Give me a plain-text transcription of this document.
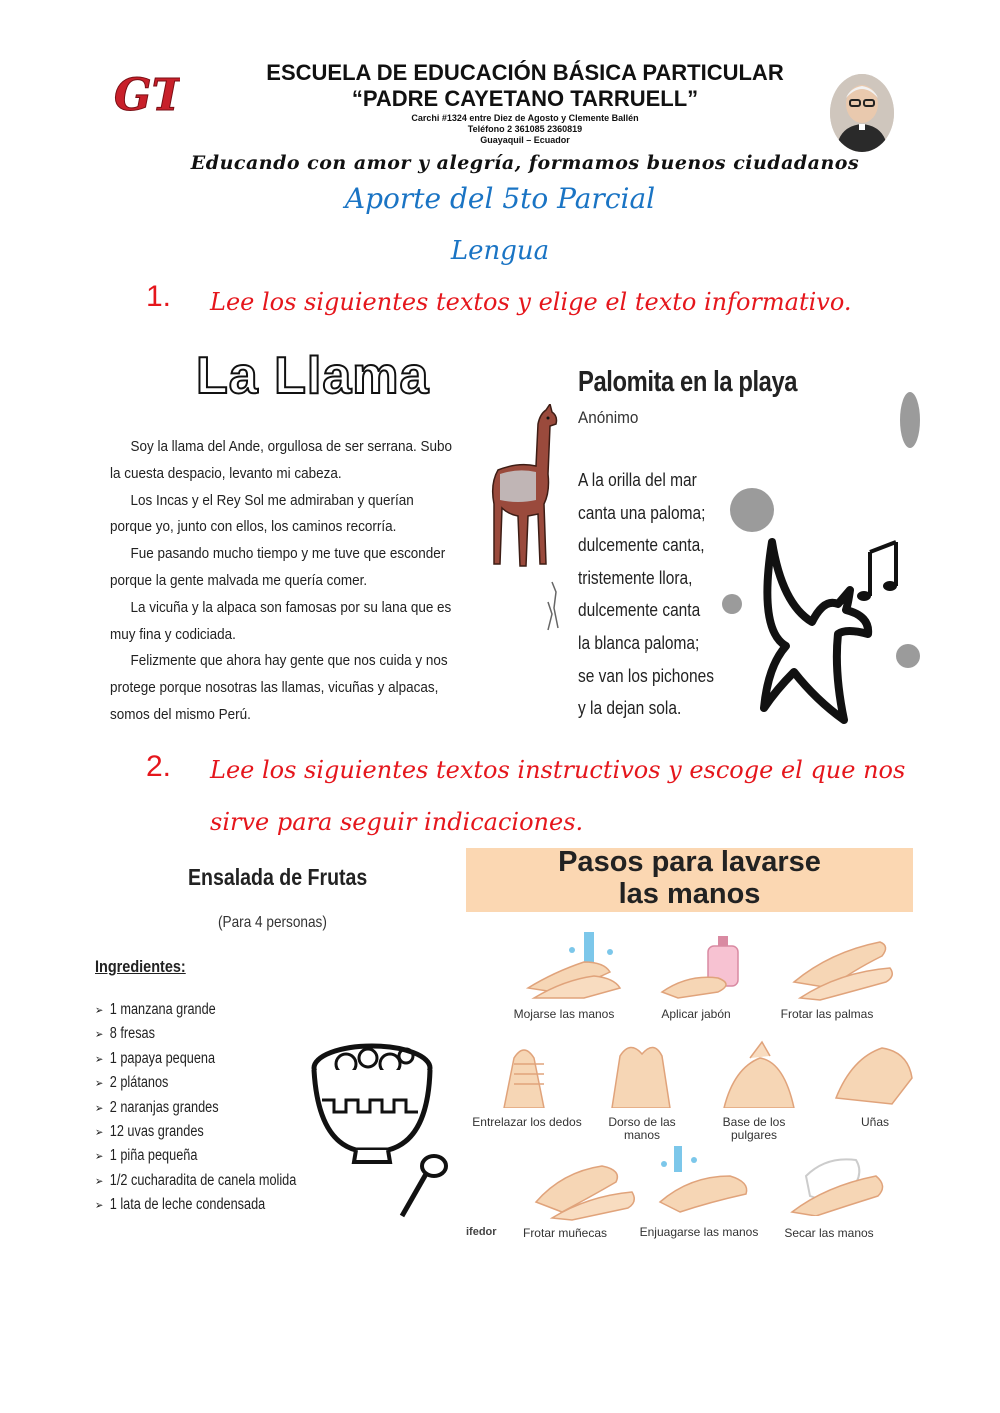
GT	ESCUELA DE EDUCACIÓN BÁSICA PARTICULAR
“PADRE CAYETANO TARRUELL”
Carchi #1324 entre Diez de Agosto y Clemente Ballén
Teléfono 2 361085 2360819
Guayaquil – Ecuador
Educando con amor y alegría, formamos buenos ciudadanos
Aporte del 5to Parcial
Lengua
1. Lee los siguientes textos y elige el texto informativo.
La Llama

Soy la llama del Ande, orgullosa de ser serrana. Subo la cuesta despacio, levanto mi cabeza.

Los Incas y el Rey Sol me admiraban y querían porque yo, junto con ellos, los caminos recorría.

Fue pasando mucho tiempo y me tuve que esconder porque la gente malvada me quería comer.

La vicuña y la alpaca son famosas por su lana que es muy fina y codiciada.

Felizmente que ahora hay gente que nos cuida y nos protege porque nosotras las llamas, vicuñas y alpacas, somos del mismo Perú.

Palomita en la playa
Anónimo
A la orilla del mar
canta una paloma;
dulcemente canta,
tristemente llora,
dulcemente canta
la blanca paloma;
se van los pichones
y la dejan sola.
2. Lee los siguientes textos instructivos y escoge el que nos
sirve para seguir indicaciones.
Ensalada de Frutas
(Para 4 personas)
Ingredientes:
➢ 1 manzana grande
➢ 8 fresas
➢ 1 papaya pequena
➢ 2 plátanos
➢ 2 naranjas grandes
➢ 12 uvas grandes
➢ 1 piña pequeña
➢ 1/2 cucharadita de canela molida
➢ 1 lata de leche condensada
Pasos para lavarse
las manos
Mojarse las manos	Aplicar jabón	Frotar las palmas
Entrelazar los dedos	Dorso de las manos
Base de los pulgares
Uñas
ifedor	Frotar muñecas	Enjuagarse las manos	Secar las manos
